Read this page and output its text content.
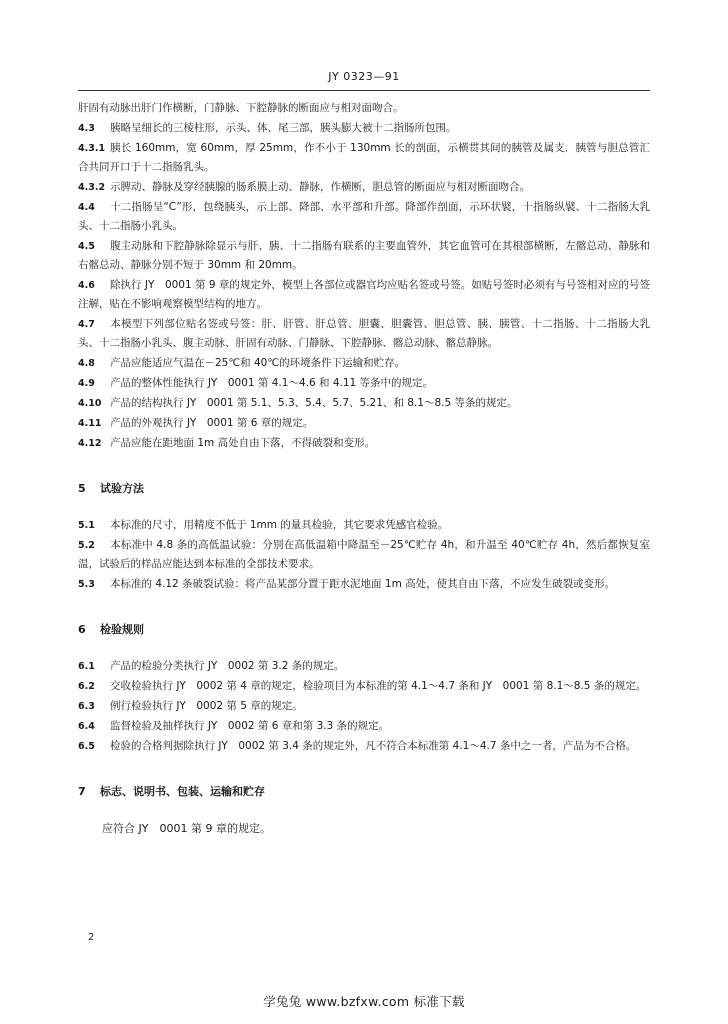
JY 0323—91
肝固有动脉出肝门作横断，门静脉、下腔静脉的断面应与相对面吻合。
4.3 胰略呈细长的三棱柱形，示头、体、尾三部，胰头膨大被十二指肠所包围。
4.3.1 胰长 160mm，宽 60mm，厚 25mm，作不小于 130mm 长的剖面，示横贯其间的胰管及属支．胰管与胆总管汇合共同开口于十二指肠乳头。
4.3.2 示脾动、静脉及穿经胰腺的肠系膜上动、静脉，作横断，胆总管的断面应与相对断面吻合。
4.4 十二指肠呈“C”形，包绕胰头，示上部、降部、水平部和升部。降部作剖面，示环状襞，十指肠纵襞、十二指肠大乳头、十二指肠小乳头。
4.5 腹主动脉和下腔静脉除显示与肝、胰、十二指肠有联系的主要血管外，其它血管可在其根部横断，左髂总动、静脉和右髂总动、静脉分别不短于 30mm 和 20mm。
4.6 除执行 JY　0001 第 9 章的规定外，模型上各部位或器官均应贴名签或号签。如贴号签时必须有与号签相对应的号签注解，贴在不影响观察模型结构的地方。
4.7 本模型下列部位贴名签或号签：肝、肝管、肝总管、胆囊、胆囊管、胆总管、胰、胰管、十二指肠、十二指肠大乳头、十二指肠小乳头、腹主动脉、肝固有动脉、门静脉、下腔静脉、髂总动脉、髂总静脉。
4.8 产品应能适应气温在－25℃和 40℃的环境条件下运输和贮存。
4.9 产品的整体性能执行 JY　0001 第 4.1～4.6 和 4.11 等条中的规定。
4.10 产品的结构执行 JY　0001 第 5.1、5.3、5.4、5.7、5.21、和 8.1～8.5 等条的规定。
4.11 产品的外观执行 JY　0001 第 6 章的规定。
4.12 产品应能在距地面 1m 高处自由下落，不得破裂和变形。
5 试验方法
5.1 本标准的尺寸，用精度不低于 1mm 的量具检验，其它要求凭感官检验。
5.2 本标准中 4.8 条的高低温试验：分别在高低温箱中降温至－25℃贮存 4h，和升温至 40℃贮存 4h，然后都恢复室温，试验后的样品应能达到本标准的全部技术要求。
5.3 本标准的 4.12 条破裂试验：将产品某部分置于距水泥地面 1m 高处，使其自由下落，不应发生破裂或变形。
6 检验规则
6.1 产品的检验分类执行 JY　0002 第 3.2 条的规定。
6.2 交收检验执行 JY　0002 第 4 章的规定，检验项目为本标准的第 4.1～4.7 条和 JY　0001 第 8.1～8.5 条的规定。
6.3 例行检验执行 JY　0002 第 5 章的规定。
6.4 监督检验及抽样执行 JY　0002 第 6 章和第 3.3 条的规定。
6.5 检验的合格判据除执行 JY　0002 第 3.4 条的规定外，凡不符合本标准第 4.1～4.7 条中之一者，产品为不合格。
7 标志、说明书、包装、运输和贮存
应符合 JY　0001 第 9 章的规定。
2
学兔兔 www.bzfxw.com 标准下载
